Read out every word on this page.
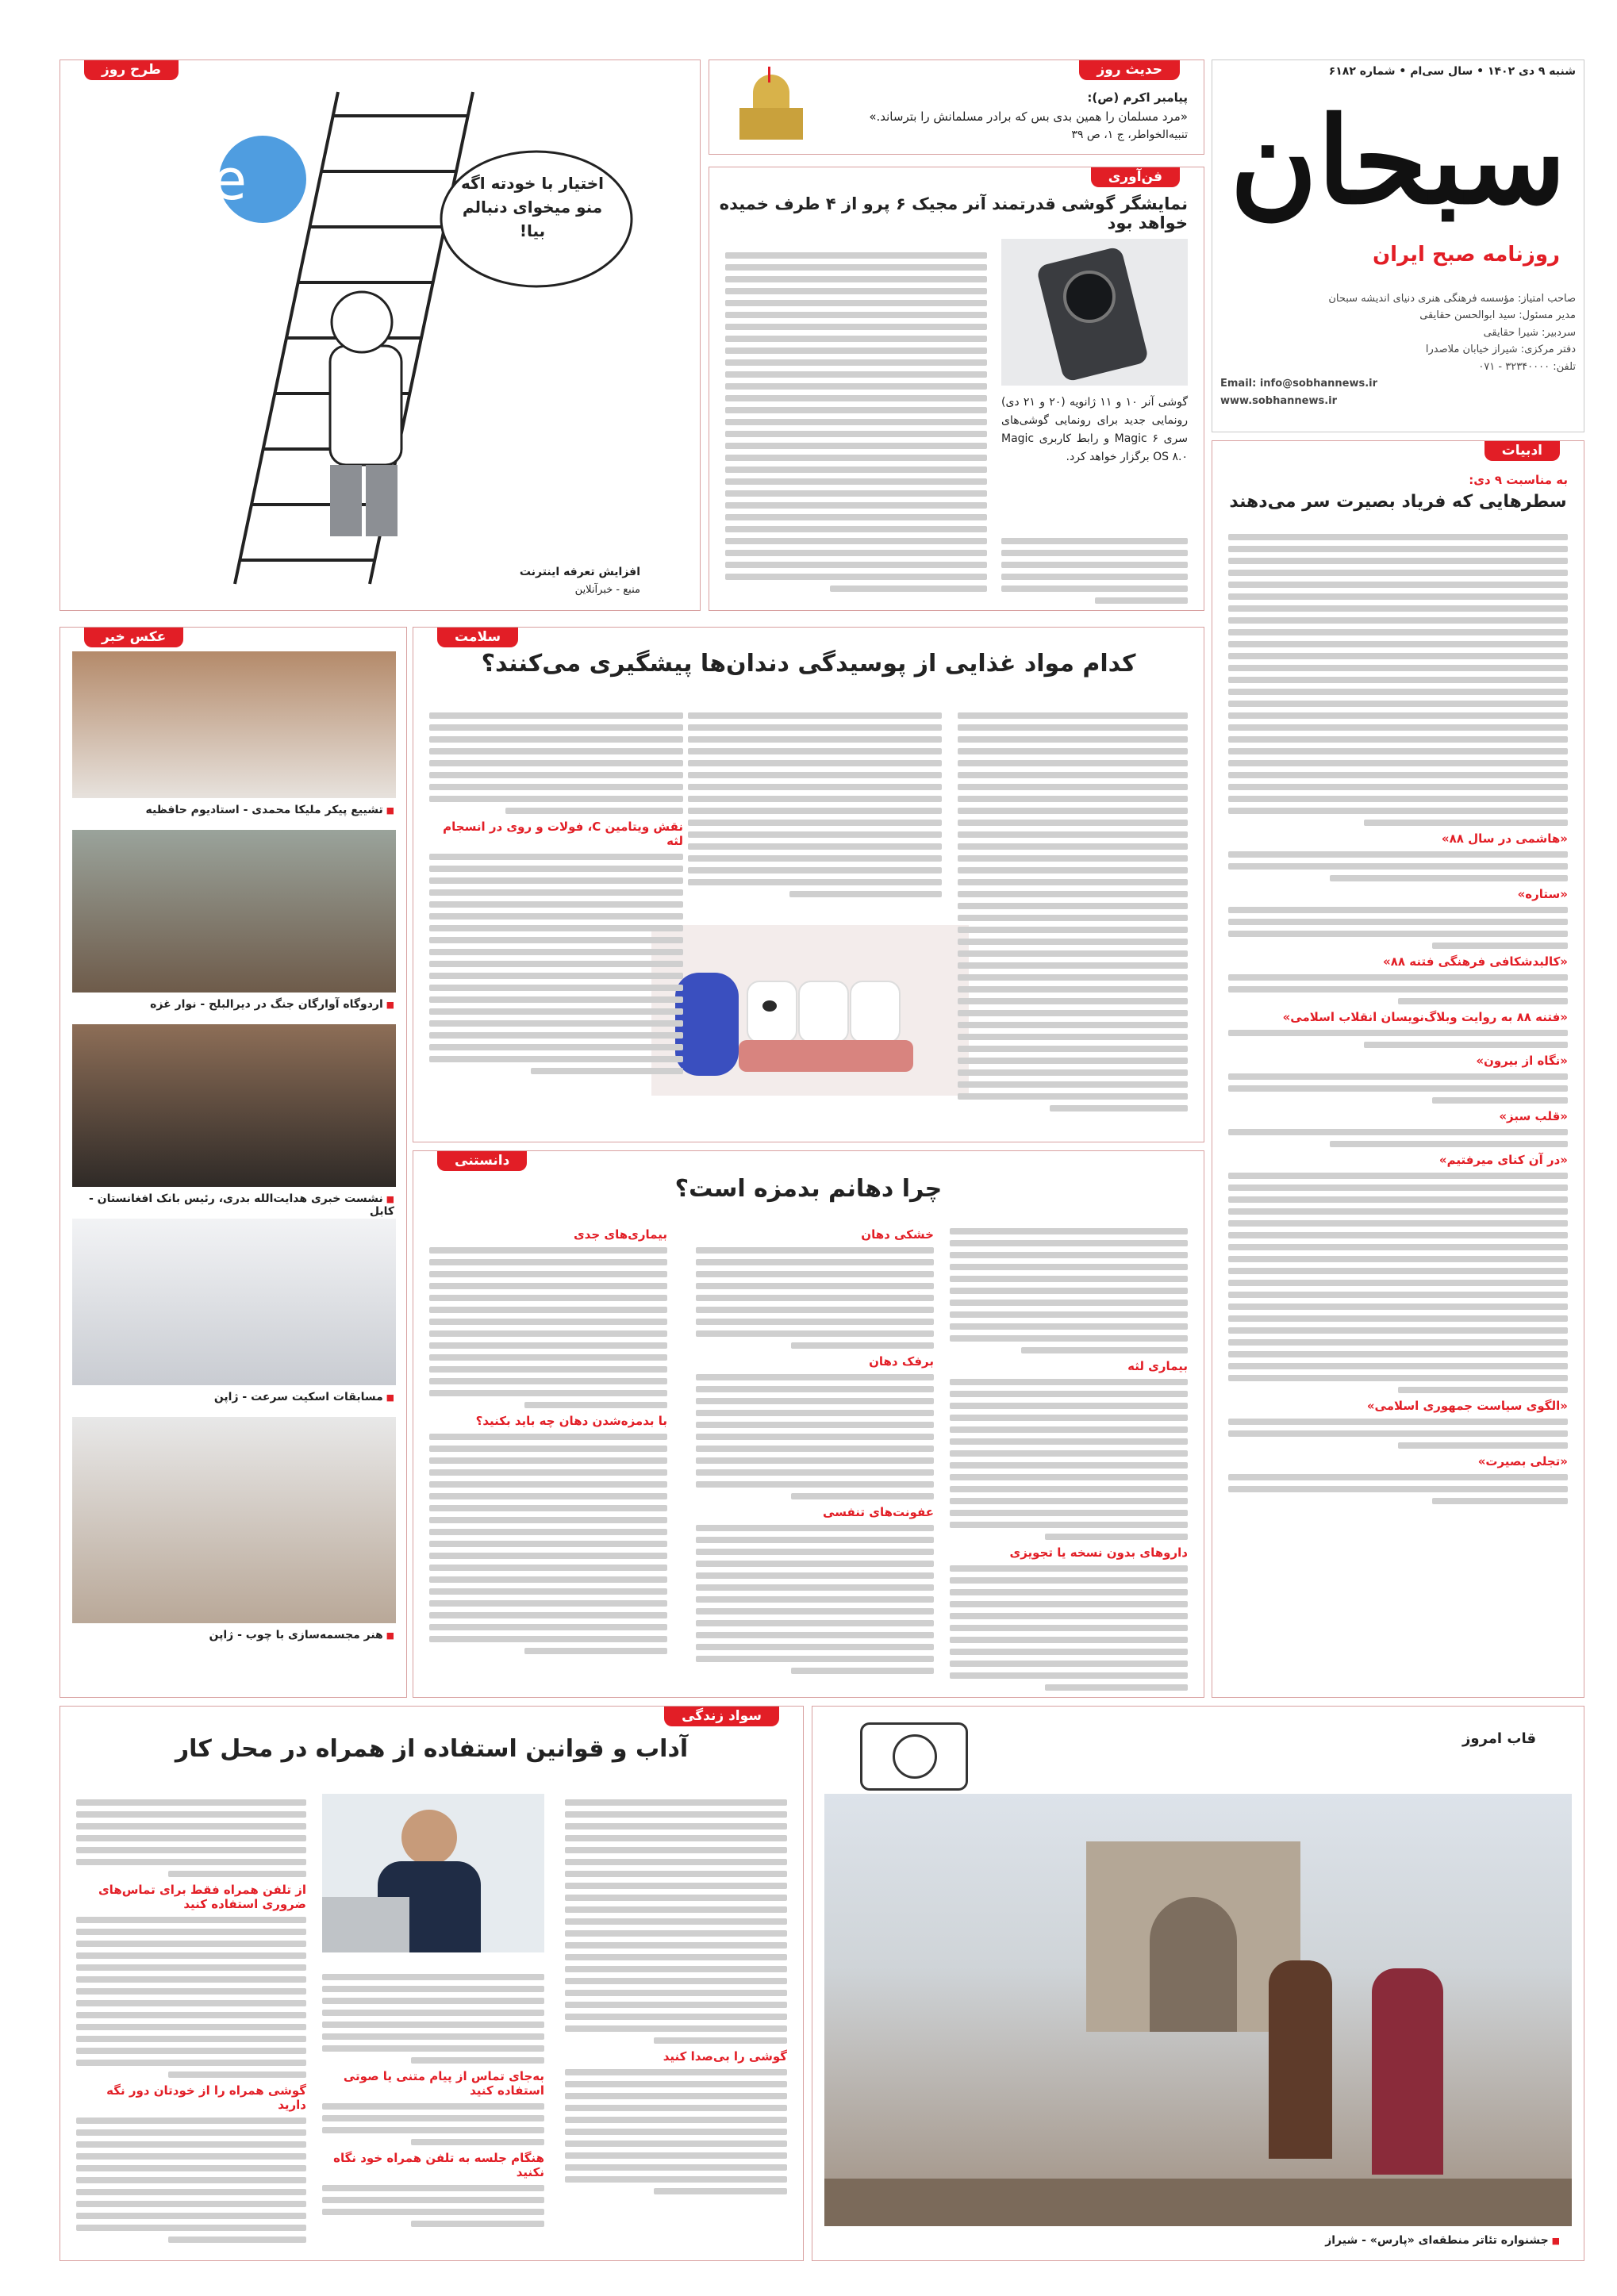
شنبه ۹ دی ۱۴۰۲ • سال سی‌ام • شماره ۶۱۸۲
سبحان
روزنامه صبح ایران
صاحب امتیاز: مؤسسه فرهنگی هنری دنیای اندیشه سبحان
مدیر مسئول: سید ابوالحسن حقایقی
سردبیر: شیرا حقایقی
دفتر مرکزی: شیراز خیابان ملاصدرا
تلفن: ۳۲۳۴۰۰۰۰ - ۰۷۱
Email: info@sobhannews.ir
www.sobhannews.ir
حدیث روز
پیامبر اکرم (ص):
«مرد مسلمان را همین بدی بس که برادر مسلمانش را بترساند.»
تنبیه‌الخواطر، ج ۱، ص ۳۹
فن‌آوری
نمایشگر گوشی قدرتمند آنر مجیک ۶ پرو از ۴ طرف خمیده خواهد بود
گوشی آنر ۱۰ و ۱۱ ژانویه (۲۰ و ۲۱ دی) رونمایی جدید برای رونمایی گوشی‌های سری Magic ۶ و رابط کاربری Magic OS ۸.۰ برگزار خواهد کرد.
طرح روز
e	اختیار با خودته اگه منو میخوای دنبالم بیا!
افزایش تعرفه اینترنت
منبع - خبرآنلاین
ادبیات
به مناسبت ۹ دی:
سطرهایی که فریاد بصیرت سر می‌دهند
«هاشمی در سال ۸۸»
«ستاره»
«کالبدشکافی فرهنگی فتنه ۸۸»
«فتنه ۸۸ به روایت وبلاگ‌نویسان انقلاب اسلامی»
«نگاه از بیرون»
«قلب سبز»
«در آن کنای میرفتیم»
«الگوی سیاست جمهوری اسلامی»
«تجلی بصیرت»
عکس خبر
■ تشییع پیکر ملیکا محمدی - استادیوم حافظیه
■ اردوگاه آوارگان جنگ در دیرالبلح - نوار غزه
■ نشست خبری هدایت‌الله بدری، رئیس بانک افغانستان - کابل
■ مسابقات اسکیت سرعت - ژاپن
■ هنر مجسمه‌سازی با چوب - ژاپن
سلامت
کدام مواد غذایی از پوسیدگی دندان‌ها پیشگیری می‌کنند؟
نقش ویتامین C، فولات و روی در انسجام لثه
دانستنی
چرا دهانم بدمزه است؟
بیماری لثه
داروهای بدون نسخه یا تجویزی
خشکی دهان
برفک دهان
عفونت‌های تنفسی
بیماری‌های جدی
با بدمزه‌شدن دهان چه باید بکنید؟
سواد زندگی
آداب و قوانین استفاده از همراه در محل کار
گوشی را بی‌صدا کنید
به‌جای تماس از پیام متنی یا صوتی استفاده کنید
هنگام جلسه به تلفن همراه خود نگاه نکنید
از تلفن همراه فقط برای تماس‌های ضروری استفاده کنید
گوشی همراه را از خودتان دور نگه دارید
قاب امروز
■ جشنواره تئاتر منطقه‌ای «پارس» - شیراز
